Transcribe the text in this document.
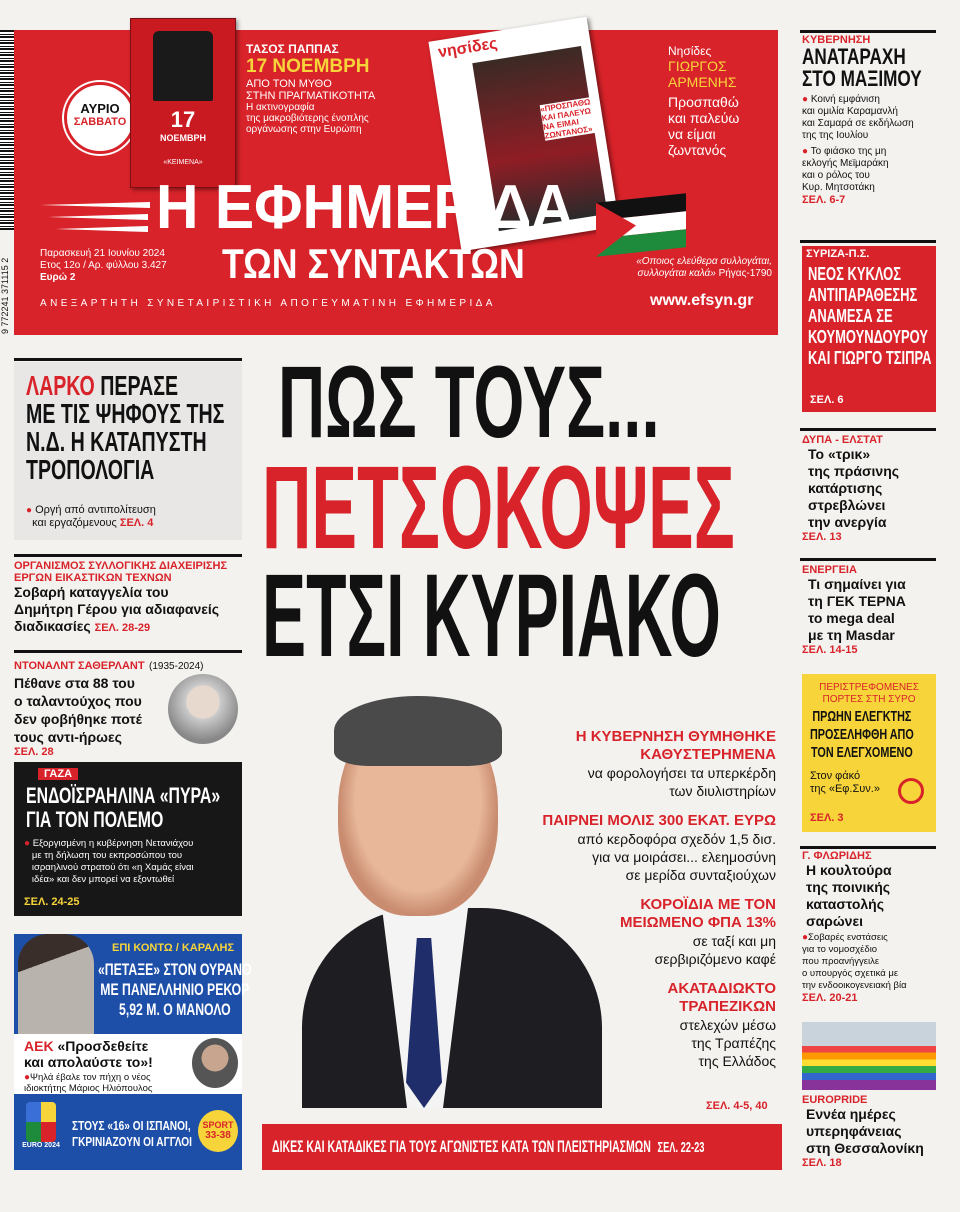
9 772241 371115 2
ΑΥΡΙΟ
ΣΑΒΒΑΤΟ	17
ΝΟΕΜΒΡΗ
«ΚΕΙΜΕΝΑ»
ΤΑΣΟΣ ΠΑΠΠΑΣ
17 ΝΟΕΜΒΡΗ
ΑΠΟ ΤΟΝ ΜΥΘΟ
ΣΤΗΝ ΠΡΑΓΜΑΤΙΚΟΤΗΤΑ
Η ακτινογραφία
της μακροβιότερης ένοπλης
οργάνωσης στην Ευρώπη
νησίδες
«ΠΡΟΣΠΑΘΩ ΚΑΙ ΠΑΛΕΥΩ ΝΑ ΕΙΜΑΙ ΖΩΝΤΑΝΟΣ»
Νησίδες
ΓΙΩΡΓΟΣ
ΑΡΜΕΝΗΣ
Προσπαθώ
και παλεύω
να είμαι
ζωντανός
Η ΕΦΗΜΕΡΙΔΑ
ΤΩΝ ΣΥΝΤΑΚΤΩΝ
Παρασκευή 21 Ιουνίου 2024
Ετος 12ο / Αρ. φύλλου 3.427
Ευρώ 2
«Οποιος ελεύθερα συλλογάται,
συλλογάται καλά» Ρήγας-1790
ΑΝΕΞΑΡΤΗΤΗ ΣΥΝΕΤΑΙΡΙΣΤΙΚΗ ΑΠΟΓΕΥΜΑΤΙΝΗ ΕΦΗΜΕΡΙΔΑ	www.efsyn.gr
ΛΑΡΚΟ ΠΕΡΑΣΕ
ΜΕ ΤΙΣ ΨΗΦΟΥΣ ΤΗΣ
Ν.Δ. Η ΚΑΤΑΠΥΣΤΗ
ΤΡΟΠΟΛΟΓΙΑ
● Οργή από αντιπολίτευση
και εργαζόμενους ΣΕΛ. 4
ΟΡΓΑΝΙΣΜΟΣ ΣΥΛΛΟΓΙΚΗΣ ΔΙΑΧΕΙΡΙΣΗΣ
ΕΡΓΩΝ ΕΙΚΑΣΤΙΚΩΝ ΤΕΧΝΩΝ
Σοβαρή καταγγελία του
Δημήτρη Γέρου για αδιαφανείς
διαδικασίες ΣΕΛ. 28-29
ΝΤΟΝΑΛΝΤ ΣΑΘΕΡΛΑΝΤ (1935-2024)
Πέθανε στα 88 του
ο ταλαντούχος που
δεν φοβήθηκε ποτέ
τους αντι-ήρωες
ΣΕΛ. 28
ΓΑΖΑ
ΕΝΔΟΪΣΡΑΗΛΙΝΑ «ΠΥΡΑ»
ΓΙΑ ΤΟΝ ΠΟΛΕΜΟ
● Εξοργισμένη η κυβέρνηση Νετανιάχου
με τη δήλωση του εκπροσώπου του
ισραηλινού στρατού ότι «η Χαμάς είναι
ιδέα» και δεν μπορεί να εξοντωθεί
ΣΕΛ. 24-25
ΕΠΙ ΚΟΝΤΩ / ΚΑΡΑΛΗΣ
«ΠΕΤΑΞΕ» ΣΤΟΝ ΟΥΡΑΝΟ
ΜΕ ΠΑΝΕΛΛΗΝΙΟ ΡΕΚΟΡ
5,92 Μ. Ο ΜΑΝΟΛΟ
ΑΕΚ «Προσδεθείτε
και απολαύστε το»!
●Ψηλά έβαλε τον πήχη ο νέος
ιδιοκτήτης Μάριος Ηλιόπουλος
EURO 2024
ΣΤΟΥΣ «16» ΟΙ ΙΣΠΑΝΟΙ,
ΓΚΡΙΝΙΑΖΟΥΝ ΟΙ ΑΓΓΛΟΙ
SPORT
33-38
ΠΩΣ ΤΟΥΣ...
ΠΕΤΣΟΚΟΨΕΣ
ΕΤΣΙ ΚΥΡΙΑΚΟ
Η ΚΥΒΕΡΝΗΣΗ ΘΥΜΗΘΗΚΕ
ΚΑΘΥΣΤΕΡΗΜΕΝΑ
να φορολογήσει τα υπερκέρδη
των διυλιστηρίων
ΠΑΙΡΝΕΙ ΜΟΛΙΣ 300 ΕΚΑΤ. ΕΥΡΩ
από κερδοφόρα σχεδόν 1,5 δισ.
για να μοιράσει... ελεημοσύνη
σε μερίδα συνταξιούχων
ΚΟΡΟΪΔΙΑ ΜΕ ΤΟΝ
ΜΕΙΩΜΕΝΟ ΦΠΑ 13%
σε ταξί και μη
σερβιριζόμενο καφέ
ΑΚΑΤΑΔΙΩΚΤΟ
ΤΡΑΠΕΖΙΚΩΝ
στελεχών μέσω
της Τραπέζης
της Ελλάδος
ΣΕΛ. 4-5, 40
ΔΙΚΕΣ ΚΑΙ ΚΑΤΑΔΙΚΕΣ ΓΙΑ ΤΟΥΣ ΑΓΩΝΙΣΤΕΣ ΚΑΤΑ ΤΩΝ ΠΛΕΙΣΤΗΡΙΑΣΜΩΝ ΣΕΛ. 22-23
ΚΥΒΕΡΝΗΣΗ
ΑΝΑΤΑΡΑΧΗ
ΣΤΟ ΜΑΞΙΜΟΥ
● Κοινή εμφάνιση
και ομιλία Καραμανλή
και Σαμαρά σε εκδήλωση
της της Ιουλίου
● Το φιάσκο της μη
εκλογής Μεϊμαράκη
και ο ρόλος του
Κυρ. Μητσοτάκη
ΣΕΛ. 6-7
ΣΥΡΙΖΑ-Π.Σ.
ΝΕΟΣ ΚΥΚΛΟΣ
ΑΝΤΙΠΑΡΑΘΕΣΗΣ
ΑΝΑΜΕΣΑ ΣΕ
ΚΟΥΜΟΥΝΔΟΥΡΟΥ
ΚΑΙ ΓΙΩΡΓΟ ΤΣΙΠΡΑ
ΣΕΛ. 6
ΔΥΠΑ - ΕΛΣΤΑΤ
Το «τρικ»
της πράσινης
κατάρτισης
στρεβλώνει
την ανεργία
ΣΕΛ. 13
ΕΝΕΡΓΕΙΑ
Τι σημαίνει για
τη ΓΕΚ ΤΕΡΝΑ
το mega deal
με τη Masdar
ΣΕΛ. 14-15
ΠΕΡΙΣΤΡΕΦΟΜΕΝΕΣ
ΠΟΡΤΕΣ ΣΤΗ ΣΥΡΟ
ΠΡΩΗΝ ΕΛΕΓΚΤΗΣ
ΠΡΟΣΕΛΗΦΘΗ ΑΠΟ
ΤΟΝ ΕΛΕΓΧΟΜΕΝΟ
Στον φάκό
της «Εφ.Συν.»
ΣΕΛ. 3
Γ. ΦΛΩΡΙΔΗΣ
Η κουλτούρα
της ποινικής
καταστολής
σαρώνει
●Σοβαρές ενστάσεις
για το νομοσχέδιο
που προανήγγειλε
ο υπουργός σχετικά με
την ενδοοικογενειακή βία
ΣΕΛ. 20-21
EUROPRIDE
Εννέα ημέρες
υπερηφάνειας
στη Θεσσαλονίκη
ΣΕΛ. 18
